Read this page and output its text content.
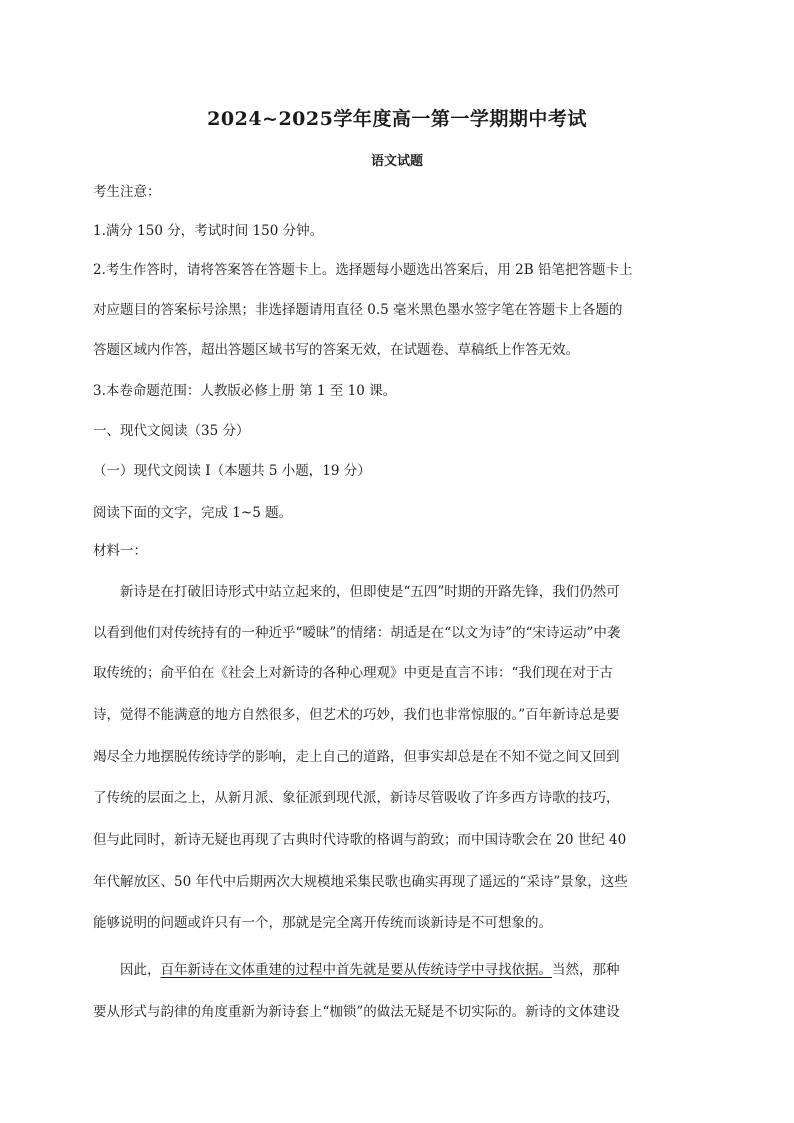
2024~2025学年度高一第一学期期中考试
语文试题
考生注意：
1.满分 150 分，考试时间 150 分钟。
2.考生作答时，请将答案答在答题卡上。选择题每小题选出答案后，用 2B 铅笔把答题卡上
对应题目的答案标号涂黑；非选择题请用直径 0.5 毫米黑色墨水签字笔在答题卡上各题的
答题区域内作答，超出答题区域书写的答案无效，在试题卷、草稿纸上作答无效。
3.本卷命题范围：人教版必修上册 第 1 至 10 课。
一、现代文阅读（35 分）
（一）现代文阅读 I（本题共 5 小题，19 分）
阅读下面的文字，完成 1~5 题。
材料一：
新诗是在打破旧诗形式中站立起来的，但即使是“五四”时期的开路先锋，我们仍然可
以看到他们对传统持有的一种近乎“暧昧”的情绪：胡适是在“以文为诗”的“宋诗运动”中袭
取传统的；俞平伯在《社会上对新诗的各种心理观》中更是直言不讳：“我们现在对于古
诗，觉得不能满意的地方自然很多，但艺术的巧妙，我们也非常惊服的。”百年新诗总是要
竭尽全力地摆脱传统诗学的影响，走上自己的道路，但事实却总是在不知不觉之间又回到
了传统的层面之上，从新月派、象征派到现代派，新诗尽管吸收了许多西方诗歌的技巧，
但与此同时，新诗无疑也再现了古典时代诗歌的格调与韵致；而中国诗歌会在 20 世纪 40
年代解放区、50 年代中后期两次大规模地采集民歌也确实再现了遥远的“采诗”景象，这些
能够说明的问题或许只有一个，那就是完全离开传统而谈新诗是不可想象的。
因此，百年新诗在文体重建的过程中首先就是要从传统诗学中寻找依据。当然，那种
要从形式与韵律的角度重新为新诗套上“枷锁”的做法无疑是不切实际的。新诗的文体建设
